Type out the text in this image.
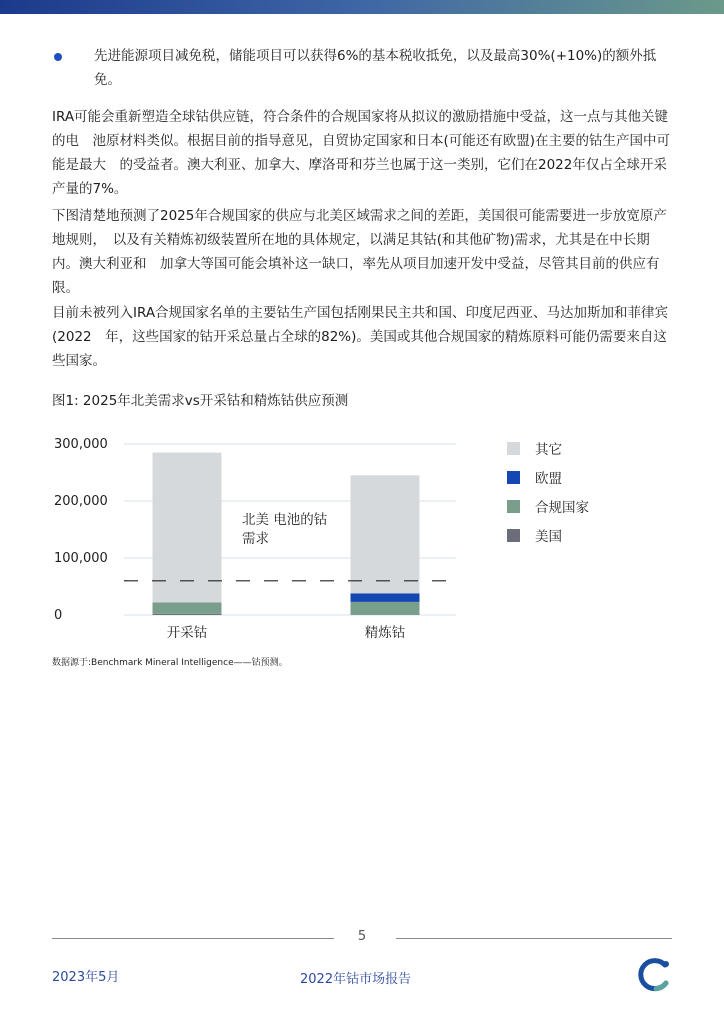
先进能源项目减免税，储能项目可以获得6%的基本税收抵免，以及最高30%(+10%)的额外抵免。

IRA可能会重新塑造全球钴供应链，符合条件的合规国家将从拟议的激励措施中受益，这一点与其他关键的电　池原材料类似。根据目前的指导意见，自贸协定国家和日本(可能还有欧盟)在主要的钴生产国中可能是最大　的受益者。澳大利亚、加拿大、摩洛哥和芬兰也属于这一类别，它们在2022年仅占全球开采产量的7%。

下图清楚地预测了2025年合规国家的供应与北美区域需求之间的差距，美国很可能需要进一步放宽原产地规则，　以及有关精炼初级装置所在地的具体规定，以满足其钴(和其他矿物)需求，尤其是在中长期内。澳大利亚和　加拿大等国可能会填补这一缺口，率先从项目加速开发中受益，尽管其目前的供应有限。

目前未被列入IRA合规国家名单的主要钴生产国包括刚果民主共和国、印度尼西亚、马达加斯加和菲律宾(2022　年，这些国家的钴开采总量占全球的82%)。美国或其他合规国家的精炼原料可能仍需要来自这些国家。

图1: 2025年北美需求vs开采钴和精炼钴供应预测
0
100,000
200,000
300,000
开采钴	精炼钴
北美 电池的钴
需求
其它
欧盟
合规国家
美国
数据源于:Benchmark Mineral Intelligence——钴预测。
5
2023年5月	2022年钴市场报告
